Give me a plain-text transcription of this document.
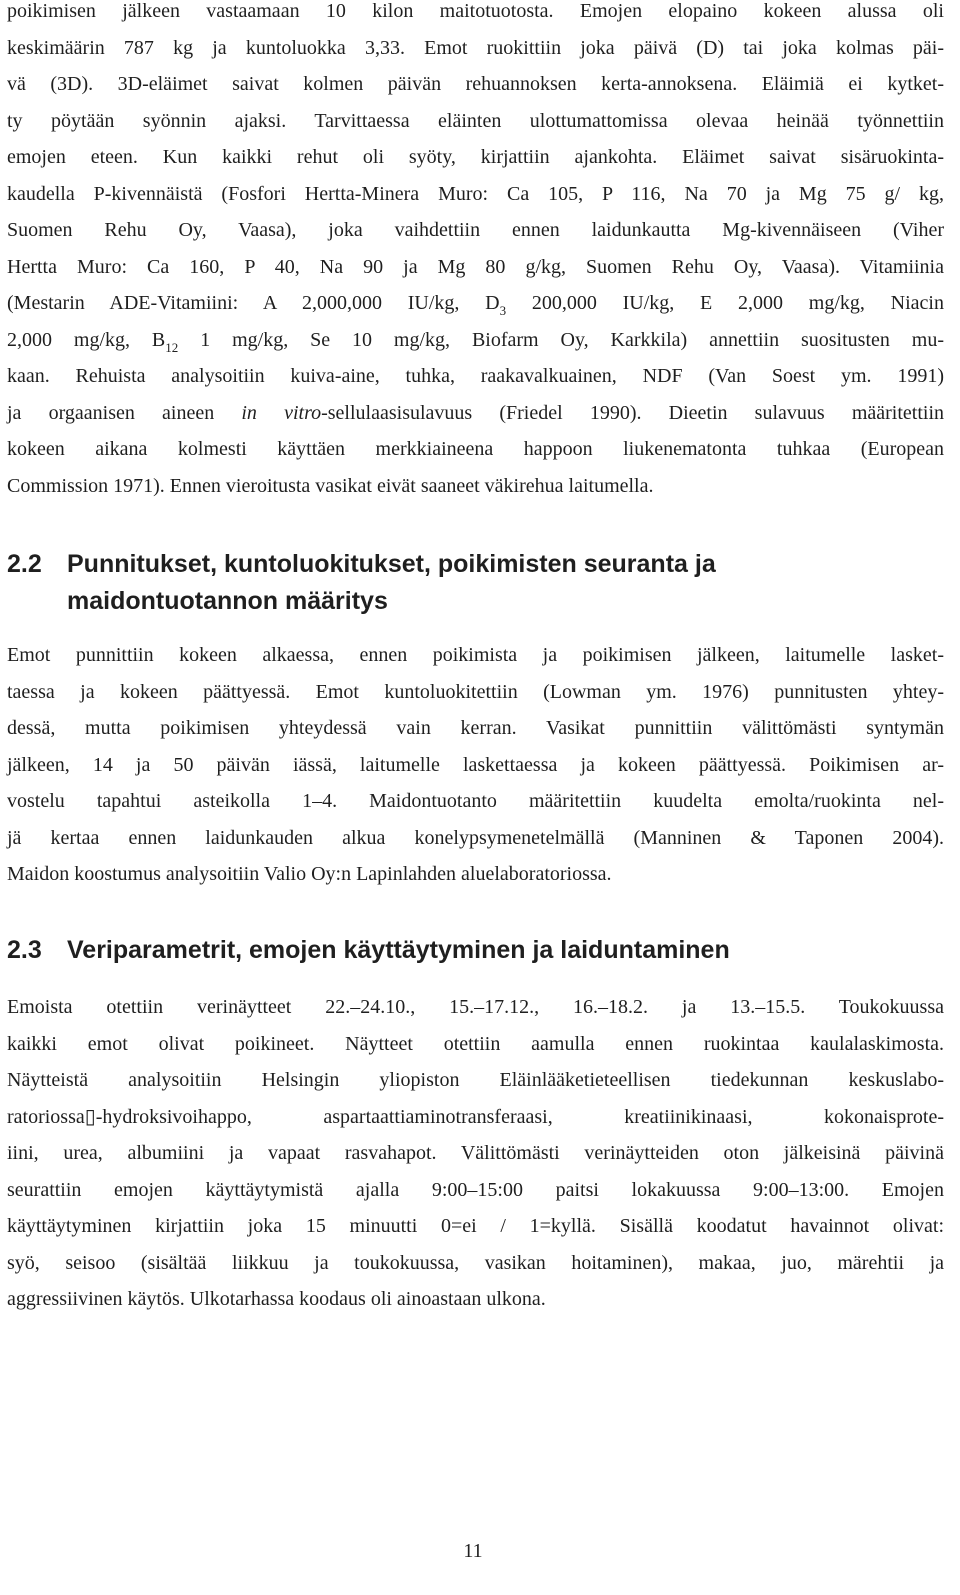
poikimisen jälkeen vastaamaan 10 kilon maitotuotosta. Emojen elopaino kokeen alussa oli
keskimäärin 787 kg ja kuntoluokka 3,33. Emot ruokittiin joka päivä (D) tai joka kolmas päi-
vä (3D). 3D-eläimet saivat kolmen päivän rehuannoksen kerta-annoksena. Eläimiä ei kytket-
ty pöytään syönnin ajaksi. Tarvittaessa eläinten ulottumattomissa olevaa heinää työnnettiin
emojen eteen. Kun kaikki rehut oli syöty, kirjattiin ajankohta. Eläimet saivat sisäruokinta-
kaudella P-kivennäistä (Fosfori Hertta-Minera Muro: Ca 105, P 116, Na 70 ja Mg 75 g/ kg,
Suomen Rehu Oy, Vaasa), joka vaihdettiin ennen laidunkautta Mg-kivennäiseen (Viher
Hertta Muro: Ca 160, P 40, Na 90 ja Mg 80 g/kg, Suomen Rehu Oy, Vaasa). Vitamiinia
(Mestarin ADE-Vitamiini: A 2,000,000 IU/kg, $D_3$ 200,000 IU/kg, E 2,000 mg/kg, Niacin
2,000 mg/kg, $B_{12}$ 1 mg/kg, Se 10 mg/kg, Biofarm Oy, Karkkila) annettiin suositusten mu-
kaan. Rehuista analysoitiin kuiva-aine, tuhka, raakavalkuainen, NDF (Van Soest ym. 1991)
ja orgaanisen aineen in vitro-sellulaasisulavuus (Friedel 1990). Dieetin sulavuus määritettiin
kokeen aikana kolmesti käyttäen merkkiaineena happoon liukenematonta tuhkaa (European
Commission 1971). Ennen vieroitusta vasikat eivät saaneet väkirehua laitumella.
2.2 Punnitukset, kuntoluokitukset, poikimisten seuranta ja
maidontuotannon määritys
Emot punnittiin kokeen alkaessa, ennen poikimista ja poikimisen jälkeen, laitumelle lasket-
taessa ja kokeen päättyessä. Emot kuntoluokitettiin (Lowman ym. 1976) punnitusten yhtey-
dessä, mutta poikimisen yhteydessä vain kerran. Vasikat punnittiin välittömästi syntymän
jälkeen, 14 ja 50 päivän iässä, laitumelle laskettaessa ja kokeen päättyessä. Poikimisen ar-
vostelu tapahtui asteikolla 1–4. Maidontuotanto määritettiin kuudelta emolta/ruokinta nel-
jä kertaa ennen laidunkauden alkua konelypsymenetelmällä (Manninen & Taponen 2004).
Maidon koostumus analysoitiin Valio Oy:n Lapinlahden aluelaboratoriossa.
2.3 Veriparametrit, emojen käyttäytyminen ja laiduntaminen
Emoista otettiin verinäytteet 22.–24.10., 15.–17.12., 16.–18.2. ja 13.–15.5. Toukokuussa
kaikki emot olivat poikineet. Näytteet otettiin aamulla ennen ruokintaa kaulalaskimosta.
Näytteistä analysoitiin Helsingin yliopiston Eläinlääketieteellisen tiedekunnan keskuslabo-
ratoriossa▯-hydroksivoihappo, aspartaattiaminotransferaasi, kreatiinikinaasi, kokonaisprote-
iini, urea, albumiini ja vapaat rasvahapot. Välittömästi verinäytteiden oton jälkeisinä päivinä
seurattiin emojen käyttäytymistä ajalla 9:00–15:00 paitsi lokakuussa 9:00–13:00. Emojen
käyttäytyminen kirjattiin joka 15 minuutti 0=ei / 1=kyllä. Sisällä koodatut havainnot olivat:
syö, seisoo (sisältää liikkuu ja toukokuussa, vasikan hoitaminen), makaa, juo, märehtii ja
aggressiivinen käytös. Ulkotarhassa koodaus oli ainoastaan ulkona.
11
